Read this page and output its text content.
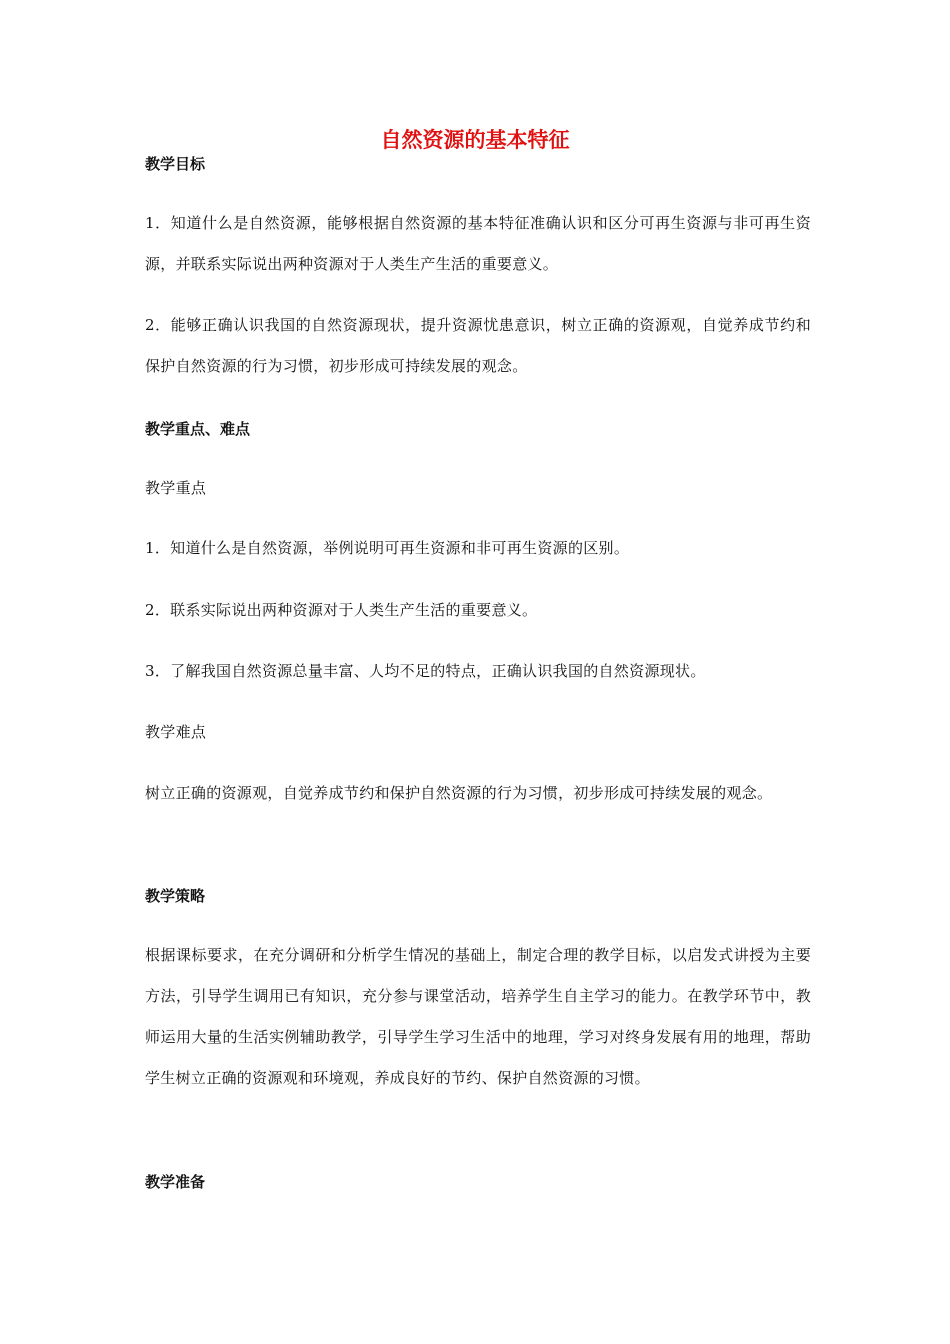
自然资源的基本特征
教学目标
1．知道什么是自然资源，能够根据自然资源的基本特征准确认识和区分可再生资源与非可再生资源，并联系实际说出两种资源对于人类生产生活的重要意义。
2．能够正确认识我国的自然资源现状，提升资源忧患意识，树立正确的资源观，自觉养成节约和保护自然资源的行为习惯，初步形成可持续发展的观念。
教学重点、难点
教学重点
1．知道什么是自然资源，举例说明可再生资源和非可再生资源的区别。
2．联系实际说出两种资源对于人类生产生活的重要意义。
3．了解我国自然资源总量丰富、人均不足的特点，正确认识我国的自然资源现状。
教学难点
树立正确的资源观，自觉养成节约和保护自然资源的行为习惯，初步形成可持续发展的观念。
教学策略
根据课标要求，在充分调研和分析学生情况的基础上，制定合理的教学目标，以启发式讲授为主要方法，引导学生调用已有知识，充分参与课堂活动，培养学生自主学习的能力。在教学环节中，教师运用大量的生活实例辅助教学，引导学生学习生活中的地理，学习对终身发展有用的地理，帮助学生树立正确的资源观和环境观，养成良好的节约、保护自然资源的习惯。
教学准备
